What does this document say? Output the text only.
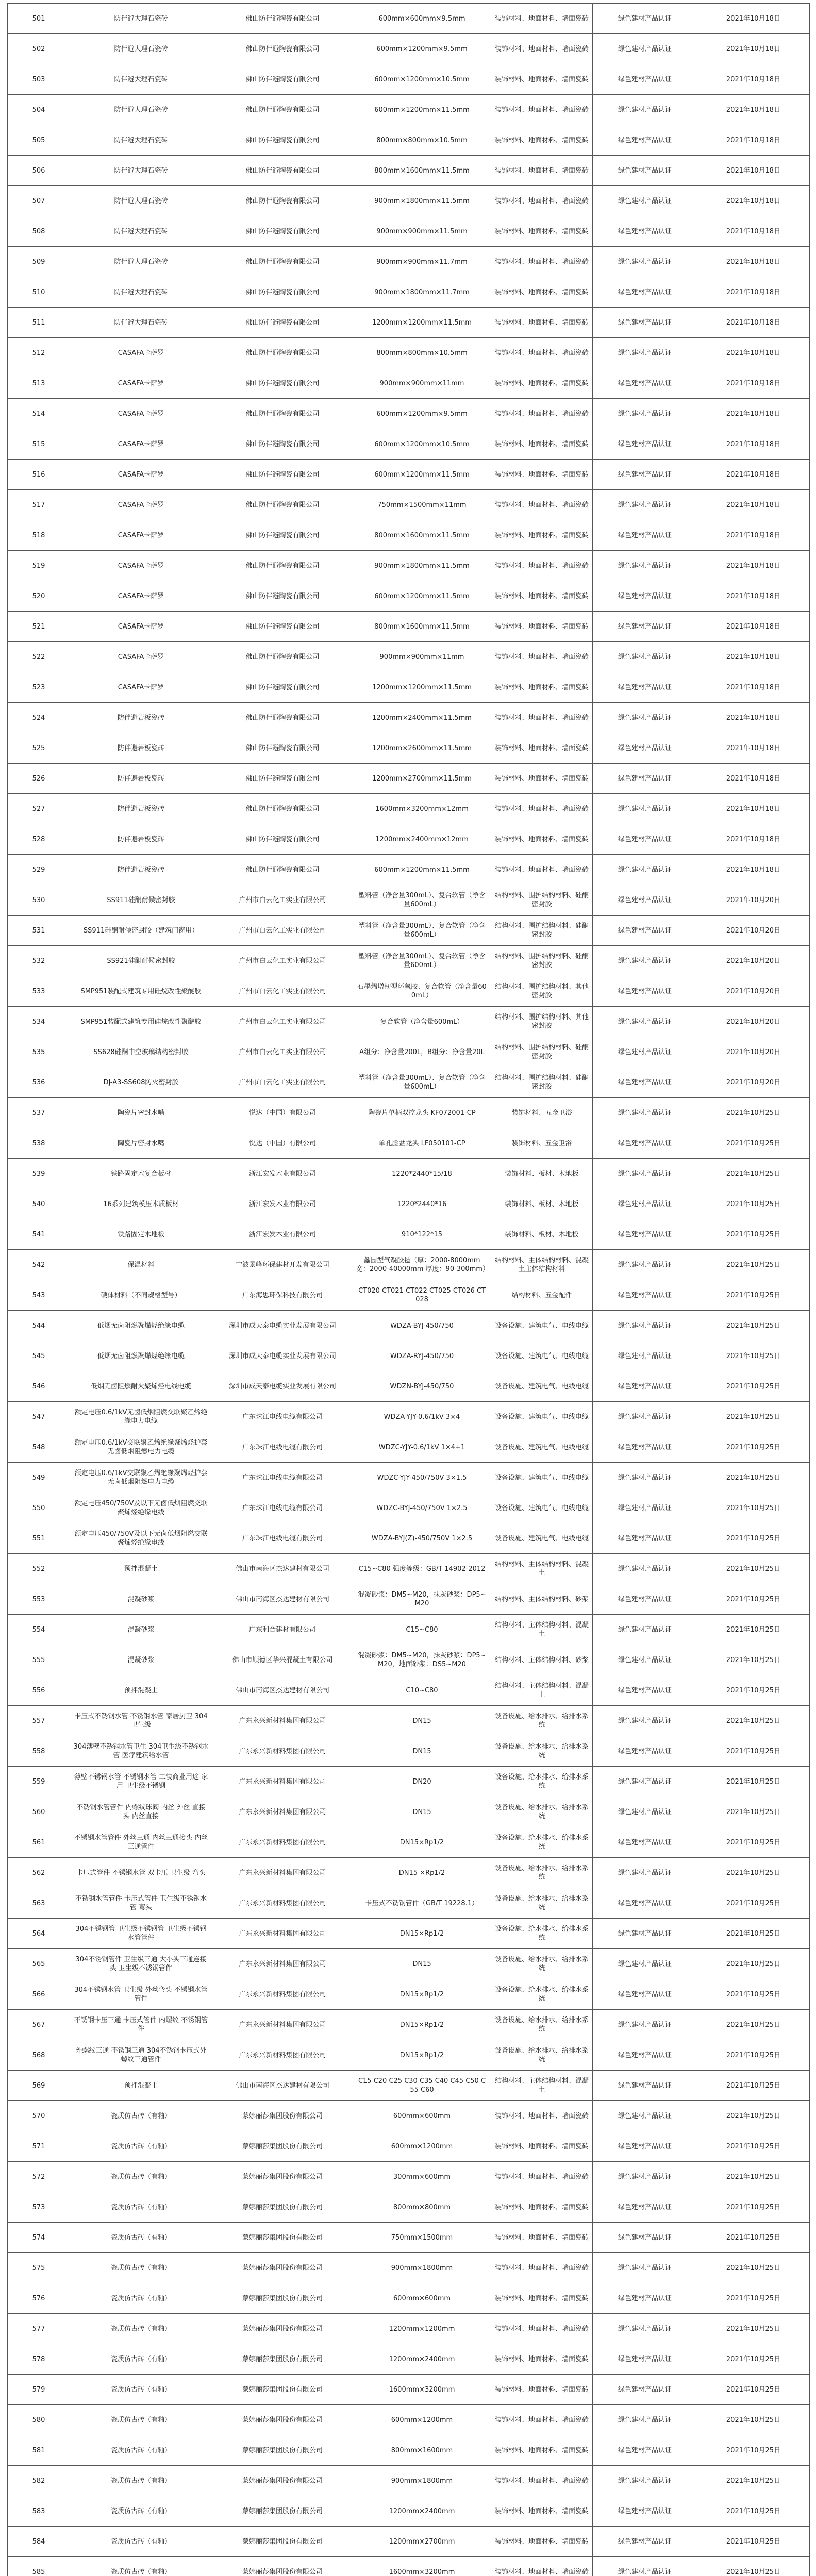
501	防伴避大理石瓷砖	佛山防伴避陶瓷有限公司	600mm×600mm×9.5mm	装饰材料、地面材料、墙面瓷砖	绿色建材产品认证	2021年10月18日
502	防伴避大理石瓷砖	佛山防伴避陶瓷有限公司	600mm×1200mm×9.5mm	装饰材料、地面材料、墙面瓷砖	绿色建材产品认证	2021年10月18日
503	防伴避大理石瓷砖	佛山防伴避陶瓷有限公司	600mm×1200mm×10.5mm	装饰材料、地面材料、墙面瓷砖	绿色建材产品认证	2021年10月18日
504	防伴避大理石瓷砖	佛山防伴避陶瓷有限公司	600mm×1200mm×11.5mm	装饰材料、地面材料、墙面瓷砖	绿色建材产品认证	2021年10月18日
505	防伴避大理石瓷砖	佛山防伴避陶瓷有限公司	800mm×800mm×10.5mm	装饰材料、地面材料、墙面瓷砖	绿色建材产品认证	2021年10月18日
506	防伴避大理石瓷砖	佛山防伴避陶瓷有限公司	800mm×1600mm×11.5mm	装饰材料、地面材料、墙面瓷砖	绿色建材产品认证	2021年10月18日
507	防伴避大理石瓷砖	佛山防伴避陶瓷有限公司	900mm×1800mm×11.5mm	装饰材料、地面材料、墙面瓷砖	绿色建材产品认证	2021年10月18日
508	防伴避大理石瓷砖	佛山防伴避陶瓷有限公司	900mm×900mm×11.5mm	装饰材料、地面材料、墙面瓷砖	绿色建材产品认证	2021年10月18日
509	防伴避大理石瓷砖	佛山防伴避陶瓷有限公司	900mm×900mm×11.7mm	装饰材料、地面材料、墙面瓷砖	绿色建材产品认证	2021年10月18日
510	防伴避大理石瓷砖	佛山防伴避陶瓷有限公司	900mm×1800mm×11.7mm	装饰材料、地面材料、墙面瓷砖	绿色建材产品认证	2021年10月18日
511	防伴避大理石瓷砖	佛山防伴避陶瓷有限公司	1200mm×1200mm×11.5mm	装饰材料、地面材料、墙面瓷砖	绿色建材产品认证	2021年10月18日
512	CASAFA卡萨罗	佛山防伴避陶瓷有限公司	800mm×800mm×10.5mm	装饰材料、地面材料、墙面瓷砖	绿色建材产品认证	2021年10月18日
513	CASAFA卡萨罗	佛山防伴避陶瓷有限公司	900mm×900mm×11mm	装饰材料、地面材料、墙面瓷砖	绿色建材产品认证	2021年10月18日
514	CASAFA卡萨罗	佛山防伴避陶瓷有限公司	600mm×1200mm×9.5mm	装饰材料、地面材料、墙面瓷砖	绿色建材产品认证	2021年10月18日
515	CASAFA卡萨罗	佛山防伴避陶瓷有限公司	600mm×1200mm×10.5mm	装饰材料、地面材料、墙面瓷砖	绿色建材产品认证	2021年10月18日
516	CASAFA卡萨罗	佛山防伴避陶瓷有限公司	600mm×1200mm×11.5mm	装饰材料、地面材料、墙面瓷砖	绿色建材产品认证	2021年10月18日
517	CASAFA卡萨罗	佛山防伴避陶瓷有限公司	750mm×1500mm×11mm	装饰材料、地面材料、墙面瓷砖	绿色建材产品认证	2021年10月18日
518	CASAFA卡萨罗	佛山防伴避陶瓷有限公司	800mm×1600mm×11.5mm	装饰材料、地面材料、墙面瓷砖	绿色建材产品认证	2021年10月18日
519	CASAFA卡萨罗	佛山防伴避陶瓷有限公司	900mm×1800mm×11.5mm	装饰材料、地面材料、墙面瓷砖	绿色建材产品认证	2021年10月18日
520	CASAFA卡萨罗	佛山防伴避陶瓷有限公司	600mm×1200mm×11.5mm	装饰材料、地面材料、墙面瓷砖	绿色建材产品认证	2021年10月18日
521	CASAFA卡萨罗	佛山防伴避陶瓷有限公司	800mm×1600mm×11.5mm	装饰材料、地面材料、墙面瓷砖	绿色建材产品认证	2021年10月18日
522	CASAFA卡萨罗	佛山防伴避陶瓷有限公司	900mm×900mm×11mm	装饰材料、地面材料、墙面瓷砖	绿色建材产品认证	2021年10月18日
523	CASAFA卡萨罗	佛山防伴避陶瓷有限公司	1200mm×1200mm×11.5mm	装饰材料、地面材料、墙面瓷砖	绿色建材产品认证	2021年10月18日
524	防伴避岩板瓷砖	佛山防伴避陶瓷有限公司	1200mm×2400mm×11.5mm	装饰材料、地面材料、墙面瓷砖	绿色建材产品认证	2021年10月18日
525	防伴避岩板瓷砖	佛山防伴避陶瓷有限公司	1200mm×2600mm×11.5mm	装饰材料、地面材料、墙面瓷砖	绿色建材产品认证	2021年10月18日
526	防伴避岩板瓷砖	佛山防伴避陶瓷有限公司	1200mm×2700mm×11.5mm	装饰材料、地面材料、墙面瓷砖	绿色建材产品认证	2021年10月18日
527	防伴避岩板瓷砖	佛山防伴避陶瓷有限公司	1600mm×3200mm×12mm	装饰材料、地面材料、墙面瓷砖	绿色建材产品认证	2021年10月18日
528	防伴避岩板瓷砖	佛山防伴避陶瓷有限公司	1200mm×2400mm×12mm	装饰材料、地面材料、墙面瓷砖	绿色建材产品认证	2021年10月18日
529	防伴避岩板瓷砖	佛山防伴避陶瓷有限公司	600mm×1200mm×11.5mm	装饰材料、地面材料、墙面瓷砖	绿色建材产品认证	2021年10月18日
530	SS911硅酮耐候密封胶	广州市白云化工实业有限公司	塑料管（净含量300mL）、复合软管（净含量600mL）	结构材料、围护结构材料、硅酮密封胶	绿色建材产品认证	2021年10月20日
531	SS911硅酮耐候密封胶（建筑门窗用）	广州市白云化工实业有限公司	塑料管（净含量300mL）、复合软管（净含量600mL）	结构材料、围护结构材料、硅酮密封胶	绿色建材产品认证	2021年10月20日
532	SS921硅酮耐候密封胶	广州市白云化工实业有限公司	塑料管（净含量300mL）、复合软管（净含量600mL）	结构材料、围护结构材料、硅酮密封胶	绿色建材产品认证	2021年10月20日
533	SMP951装配式建筑专用硅烷改性聚醚胶	广州市白云化工实业有限公司	石墨烯增韧型环氧胶、复合软管（净含量600mL）	结构材料、围护结构材料、其他密封胶	绿色建材产品认证	2021年10月20日
534	SMP951装配式建筑专用硅烷改性聚醚胶	广州市白云化工实业有限公司	复合软管（净含量600mL）	结构材料、围护结构材料、其他密封胶	绿色建材产品认证	2021年10月20日
535	SS628硅酮中空玻璃结构密封胶	广州市白云化工实业有限公司	A组分：净含量200L，B组分：净含量20L	结构材料、围护结构材料、硅酮密封胶	绿色建材产品认证	2021年10月20日
536	DJ-A3-SS608防火密封胶	广州市白云化工实业有限公司	塑料管（净含量300mL）、复合软管（净含量600mL）	结构材料、围护结构材料、硅酮密封胶	绿色建材产品认证	2021年10月20日
537	陶瓷片密封水嘴	悦达（中国）有限公司	陶瓷片单柄双控龙头 KF072001-CP	装饰材料、五金卫浴	绿色建材产品认证	2021年10月25日
538	陶瓷片密封水嘴	悦达（中国）有限公司	单孔脸盆龙头 LF050101-CP	装饰材料、五金卫浴	绿色建材产品认证	2021年10月25日
539	铁路固定木复合板材	浙江宏发木业有限公司	1220*2440*15/18	装饰材料、板材、木地板	绿色建材产品认证	2021年10月25日
540	16系列建筑模压木质板材	浙江宏发木业有限公司	1220*2440*16	装饰材料、板材、木地板	绿色建材产品认证	2021年10月25日
541	铁路固定木地板	浙江宏发木业有限公司	910*122*15	装饰材料、板材、木地板	绿色建材产品认证	2021年10月25日
542	保温材料	宁波景峰环保建材开发有限公司	蠡园型气凝胶毡（厚：2000-8000mm 宽：2000-40000mm 厚度：90-300mm）	结构材料、主体结构材料、混凝土主体结构材料	绿色建材产品认证	2021年10月25日
543	硬体材料（不同规格型号）	广东海思环保科技有限公司	CT020 CT021 CT022 CT025 CT026 CT028	结构材料、五金配件	绿色建材产品认证	2021年10月25日
544	低烟无卤阻燃聚烯烃绝缘电缆	深圳市成天泰电缆实业发展有限公司	WDZA-BYJ-450/750	设备设施、建筑电气、电线电缆	绿色建材产品认证	2021年10月25日
545	低烟无卤阻燃聚烯烃绝缘电缆	深圳市成天泰电缆实业发展有限公司	WDZA-RYJ-450/750	设备设施、建筑电气、电线电缆	绿色建材产品认证	2021年10月25日
546	低烟无卤阻燃耐火聚烯烃电线电缆	深圳市成天泰电缆实业发展有限公司	WDZN-BYJ-450/750	设备设施、建筑电气、电线电缆	绿色建材产品认证	2021年10月25日
547	额定电压0.6/1kV无卤低烟阻燃交联聚乙烯绝缘电力电缆	广东珠江电线电缆有限公司	WDZA-YJY-0.6/1kV 3×4	设备设施、建筑电气、电线电缆	绿色建材产品认证	2021年10月25日
548	额定电压0.6/1kV交联聚乙烯绝缘聚烯烃护套无卤低烟阻燃电力电缆	广东珠江电线电缆有限公司	WDZC-YJY-0.6/1kV 1×4+1	设备设施、建筑电气、电线电缆	绿色建材产品认证	2021年10月25日
549	额定电压0.6/1kV交联聚乙烯绝缘聚烯烃护套无卤低烟阻燃电力电缆	广东珠江电线电缆有限公司	WDZC-YJY-450/750V 3×1.5	设备设施、建筑电气、电线电缆	绿色建材产品认证	2021年10月25日
550	额定电压450/750V及以下无卤低烟阻燃交联聚烯烃绝缘电线	广东珠江电线电缆有限公司	WDZC-BYJ-450/750V 1×2.5	设备设施、建筑电气、电线电缆	绿色建材产品认证	2021年10月25日
551	额定电压450/750V及以下无卤低烟阻燃交联聚烯烃绝缘电线	广东珠江电线电缆有限公司	WDZA-BYJ(Z)-450/750V 1×2.5	设备设施、建筑电气、电线电缆	绿色建材产品认证	2021年10月25日
552	预拌混凝土	佛山市南海区杰达建材有限公司	C15~C80 强度等级：GB/T 14902-2012	结构材料、主体结构材料、混凝土	绿色建材产品认证	2021年10月25日
553	混凝砂浆	佛山市南海区杰达建材有限公司	混凝砂浆：DM5~M20，抹灰砂浆：DP5~M20	结构材料、主体结构材料、砂浆	绿色建材产品认证	2021年10月25日
554	混凝砂浆	广东利合建材有限公司	C15~C80	结构材料、主体结构材料、混凝土	绿色建材产品认证	2021年10月25日
555	混凝砂浆	佛山市顺德区华兴混凝土有限公司	混凝砂浆：DM5~M20，抹灰砂浆：DP5~M20，地面砂浆：DS5~M20	结构材料、主体结构材料、砂浆	绿色建材产品认证	2021年10月25日
556	预拌混凝土	佛山市南海区杰达建材有限公司	C10~C80	结构材料、主体结构材料、混凝土	绿色建材产品认证	2021年10月25日
557	卡压式不锈钢水管 不锈钢水管 家居厨卫 304卫生级	广东永兴新材料集团有限公司	DN15	设备设施、给水排水、给排水系统	绿色建材产品认证	2021年10月25日
558	304薄壁不锈钢水管卫生 304卫生级不锈钢水管 医疗建筑给水管	广东永兴新材料集团有限公司	DN15	设备设施、给水排水、给排水系统	绿色建材产品认证	2021年10月25日
559	薄壁不锈钢水管 不锈钢水管 工装商业用途 家用 卫生级不锈钢	广东永兴新材料集团有限公司	DN20	设备设施、给水排水、给排水系统	绿色建材产品认证	2021年10月25日
560	不锈钢水管管件 内螺纹球阀 内丝 外丝 直接头 内丝直接	广东永兴新材料集团有限公司	DN15	设备设施、给水排水、给排水系统	绿色建材产品认证	2021年10月25日
561	不锈钢水管管件 外丝三通 内丝三通接头 内丝三通管件	广东永兴新材料集团有限公司	DN15×Rp1/2	设备设施、给水排水、给排水系统	绿色建材产品认证	2021年10月25日
562	卡压式管件 不锈钢水管 双卡压 卫生级 弯头	广东永兴新材料集团有限公司	DN15 ×Rp1/2	设备设施、给水排水、给排水系统	绿色建材产品认证	2021年10月25日
563	不锈钢水管管件 卡压式管件 卫生级不锈钢水管 弯头	广东永兴新材料集团有限公司	卡压式不锈钢管件（GB/T 19228.1）	设备设施、给水排水、给排水系统	绿色建材产品认证	2021年10月25日
564	304不锈钢管 卫生级不锈钢管 卫生级不锈钢水管管件	广东永兴新材料集团有限公司	DN15×Rp1/2	设备设施、给水排水、给排水系统	绿色建材产品认证	2021年10月25日
565	304不锈钢管件 卫生级三通 大小头三通连接头 卫生级不锈钢管件	广东永兴新材料集团有限公司	DN15	设备设施、给水排水、给排水系统	绿色建材产品认证	2021年10月25日
566	304不锈钢水管 卫生级 外丝弯头 不锈钢水管管件	广东永兴新材料集团有限公司	DN15×Rp1/2	设备设施、给水排水、给排水系统	绿色建材产品认证	2021年10月25日
567	不锈钢卡压三通 卡压式管件 内螺纹 不锈钢管件	广东永兴新材料集团有限公司	DN15×Rp1/2	设备设施、给水排水、给排水系统	绿色建材产品认证	2021年10月25日
568	外螺纹三通 不锈钢三通 304不锈钢卡压式外螺纹三通管件	广东永兴新材料集团有限公司	DN15×Rp1/2	设备设施、给水排水、给排水系统	绿色建材产品认证	2021年10月25日
569	预拌混凝土	佛山市南海区杰达建材有限公司	C15 C20 C25 C30 C35 C40 C45 C50 C55 C60	结构材料、主体结构材料、混凝土	绿色建材产品认证	2021年10月25日
570	瓷质仿古砖（有釉）	蒙娜丽莎集团股份有限公司	600mm×600mm	装饰材料、地面材料、墙面瓷砖	绿色建材产品认证	2021年10月25日
571	瓷质仿古砖（有釉）	蒙娜丽莎集团股份有限公司	600mm×1200mm	装饰材料、地面材料、墙面瓷砖	绿色建材产品认证	2021年10月25日
572	瓷质仿古砖（有釉）	蒙娜丽莎集团股份有限公司	300mm×600mm	装饰材料、地面材料、墙面瓷砖	绿色建材产品认证	2021年10月25日
573	瓷质仿古砖（有釉）	蒙娜丽莎集团股份有限公司	800mm×800mm	装饰材料、地面材料、墙面瓷砖	绿色建材产品认证	2021年10月25日
574	瓷质仿古砖（有釉）	蒙娜丽莎集团股份有限公司	750mm×1500mm	装饰材料、地面材料、墙面瓷砖	绿色建材产品认证	2021年10月25日
575	瓷质仿古砖（有釉）	蒙娜丽莎集团股份有限公司	900mm×1800mm	装饰材料、地面材料、墙面瓷砖	绿色建材产品认证	2021年10月25日
576	瓷质仿古砖（有釉）	蒙娜丽莎集团股份有限公司	600mm×600mm	装饰材料、地面材料、墙面瓷砖	绿色建材产品认证	2021年10月25日
577	瓷质仿古砖（有釉）	蒙娜丽莎集团股份有限公司	1200mm×1200mm	装饰材料、地面材料、墙面瓷砖	绿色建材产品认证	2021年10月25日
578	瓷质仿古砖（有釉）	蒙娜丽莎集团股份有限公司	1200mm×2400mm	装饰材料、地面材料、墙面瓷砖	绿色建材产品认证	2021年10月25日
579	瓷质仿古砖（有釉）	蒙娜丽莎集团股份有限公司	1600mm×3200mm	装饰材料、地面材料、墙面瓷砖	绿色建材产品认证	2021年10月25日
580	瓷质仿古砖（有釉）	蒙娜丽莎集团股份有限公司	600mm×1200mm	装饰材料、地面材料、墙面瓷砖	绿色建材产品认证	2021年10月25日
581	瓷质仿古砖（有釉）	蒙娜丽莎集团股份有限公司	800mm×1600mm	装饰材料、地面材料、墙面瓷砖	绿色建材产品认证	2021年10月25日
582	瓷质仿古砖（有釉）	蒙娜丽莎集团股份有限公司	900mm×1800mm	装饰材料、地面材料、墙面瓷砖	绿色建材产品认证	2021年10月25日
583	瓷质仿古砖（有釉）	蒙娜丽莎集团股份有限公司	1200mm×2400mm	装饰材料、地面材料、墙面瓷砖	绿色建材产品认证	2021年10月25日
584	瓷质仿古砖（有釉）	蒙娜丽莎集团股份有限公司	1200mm×2700mm	装饰材料、地面材料、墙面瓷砖	绿色建材产品认证	2021年10月25日
585	瓷质仿古砖（有釉）	蒙娜丽莎集团股份有限公司	1600mm×3200mm	装饰材料、地面材料、墙面瓷砖	绿色建材产品认证	2021年10月25日
